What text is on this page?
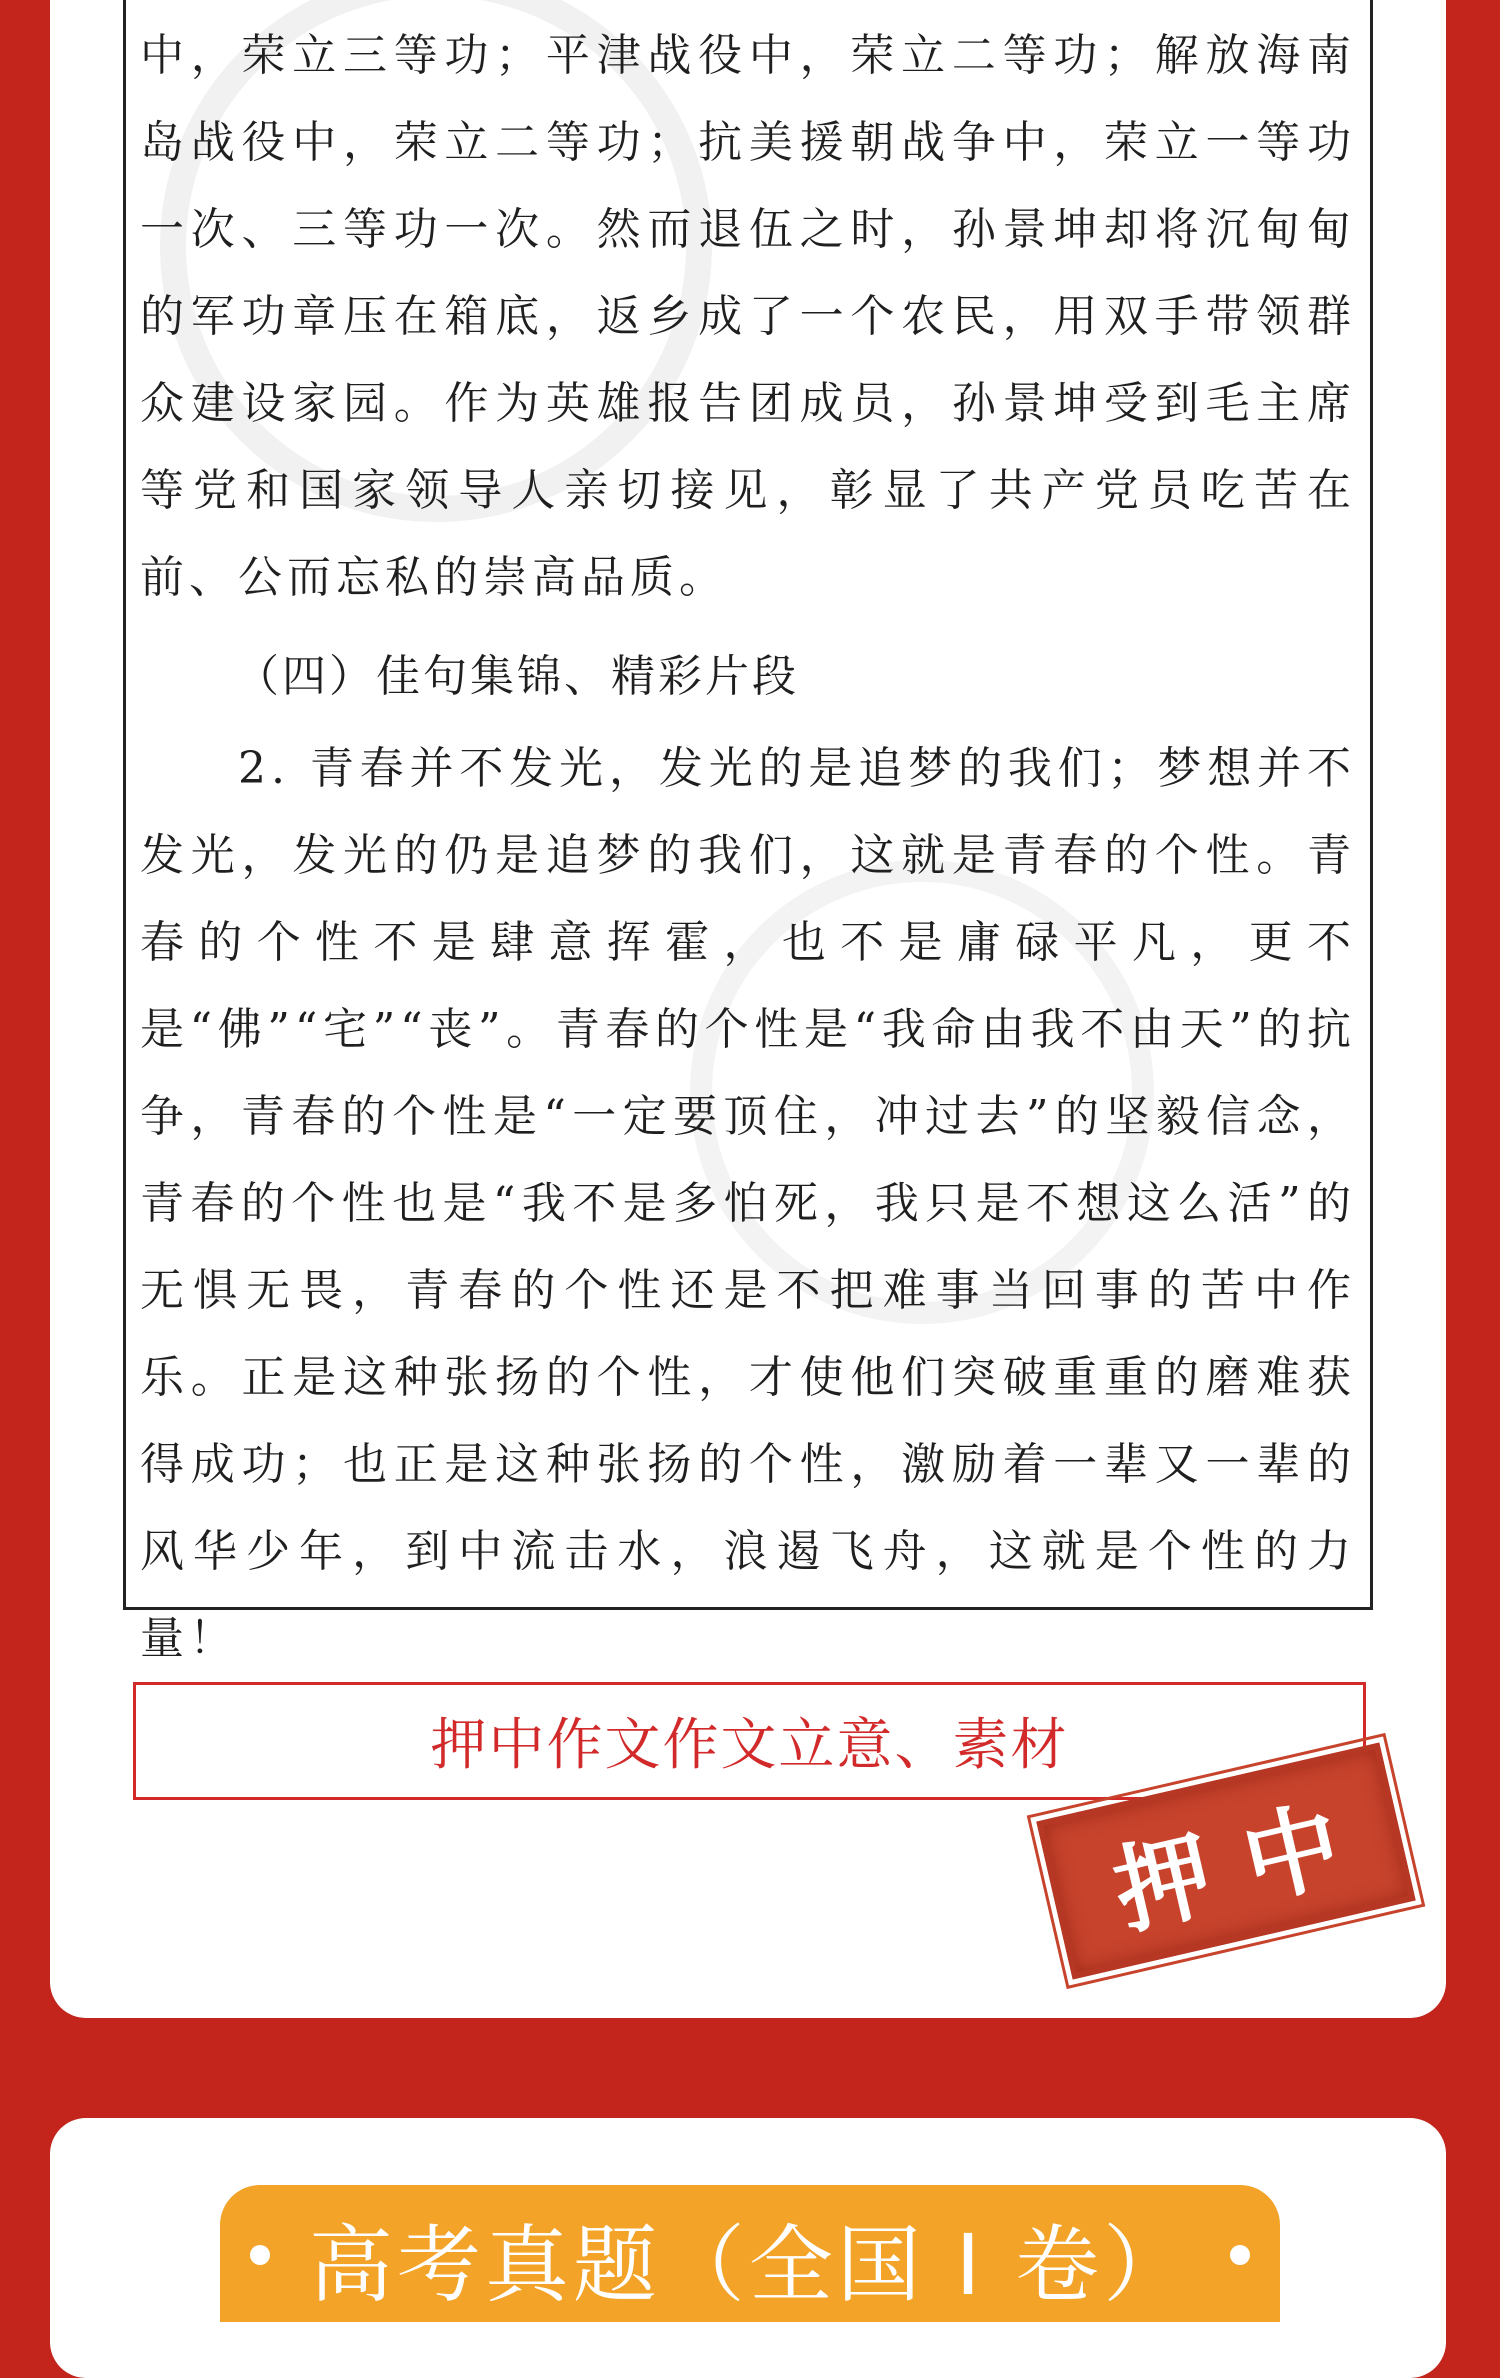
中，荣立三等功；平津战役中，荣立二等功；解放海南岛战役中，荣立二等功；抗美援朝战争中，荣立一等功一次、三等功一次。然而退伍之时，孙景坤却将沉甸甸的军功章压在箱底，返乡成了一个农民，用双手带领群众建设家园。作为英雄报告团成员，孙景坤受到毛主席等党和国家领导人亲切接见，彰显了共产党员吃苦在前、公而忘私的崇高品质。

（四）佳句集锦、精彩片段

2. 青春并不发光，发光的是追梦的我们；梦想并不发光，发光的仍是追梦的我们，这就是青春的个性。青春的个性不是肆意挥霍，也不是庸碌平凡，更不是“佛”“宅”“丧”。青春的个性是“我命由我不由天”的抗争，青春的个性是“一定要顶住，冲过去”的坚毅信念，青春的个性也是“我不是多怕死，我只是不想这么活”的无惧无畏，青春的个性还是不把难事当回事的苦中作乐。正是这种张扬的个性，才使他们突破重重的磨难获得成功；也正是这种张扬的个性，激励着一辈又一辈的风华少年，到中流击水，浪遏飞舟，这就是个性的力量！

押中作文作文立意、素材
押中
高考真题（全国 I 卷）
